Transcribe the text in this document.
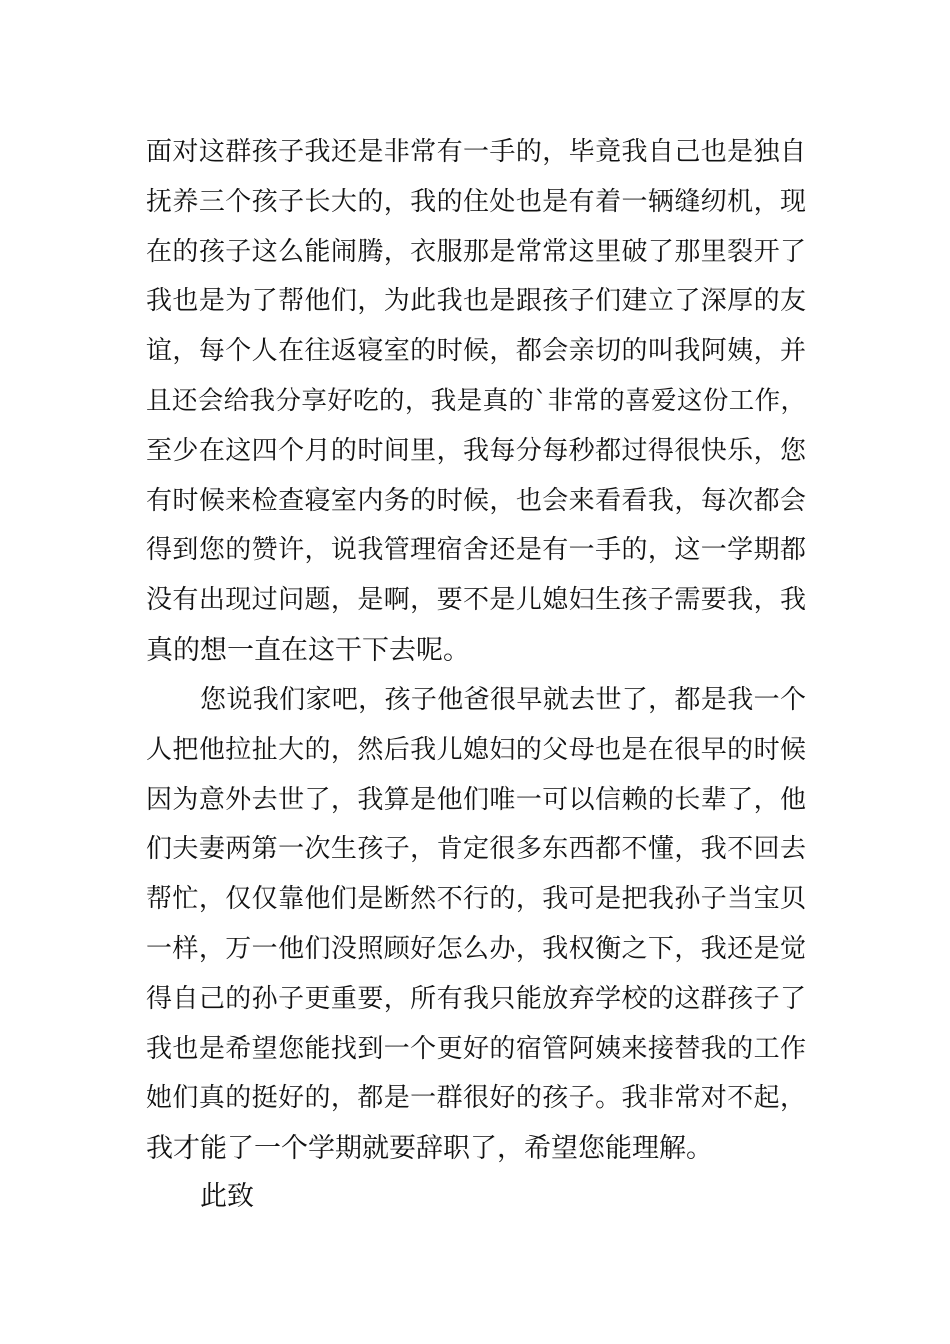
面对这群孩子我还是非常有一手的，毕竟我自己也是独自
抚养三个孩子长大的，我的住处也是有着一辆缝纫机，现
在的孩子这么能闹腾，衣服那是常常这里破了那里裂开了
我也是为了帮他们，为此我也是跟孩子们建立了深厚的友
谊，每个人在往返寝室的时候，都会亲切的叫我阿姨，并
且还会给我分享好吃的，我是真的`非常的喜爱这份工作，
至少在这四个月的时间里，我每分每秒都过得很快乐，您
有时候来检查寝室内务的时候，也会来看看我，每次都会
得到您的赞许，说我管理宿舍还是有一手的，这一学期都
没有出现过问题，是啊，要不是儿媳妇生孩子需要我，我
真的想一直在这干下去呢。
您说我们家吧，孩子他爸很早就去世了，都是我一个
人把他拉扯大的，然后我儿媳妇的父母也是在很早的时候
因为意外去世了，我算是他们唯一可以信赖的长辈了，他
们夫妻两第一次生孩子，肯定很多东西都不懂，我不回去
帮忙，仅仅靠他们是断然不行的，我可是把我孙子当宝贝
一样，万一他们没照顾好怎么办，我权衡之下，我还是觉
得自己的孙子更重要，所有我只能放弃学校的这群孩子了
我也是希望您能找到一个更好的宿管阿姨来接替我的工作
她们真的挺好的，都是一群很好的孩子。我非常对不起，
我才能了一个学期就要辞职了，希望您能理解。
此致
